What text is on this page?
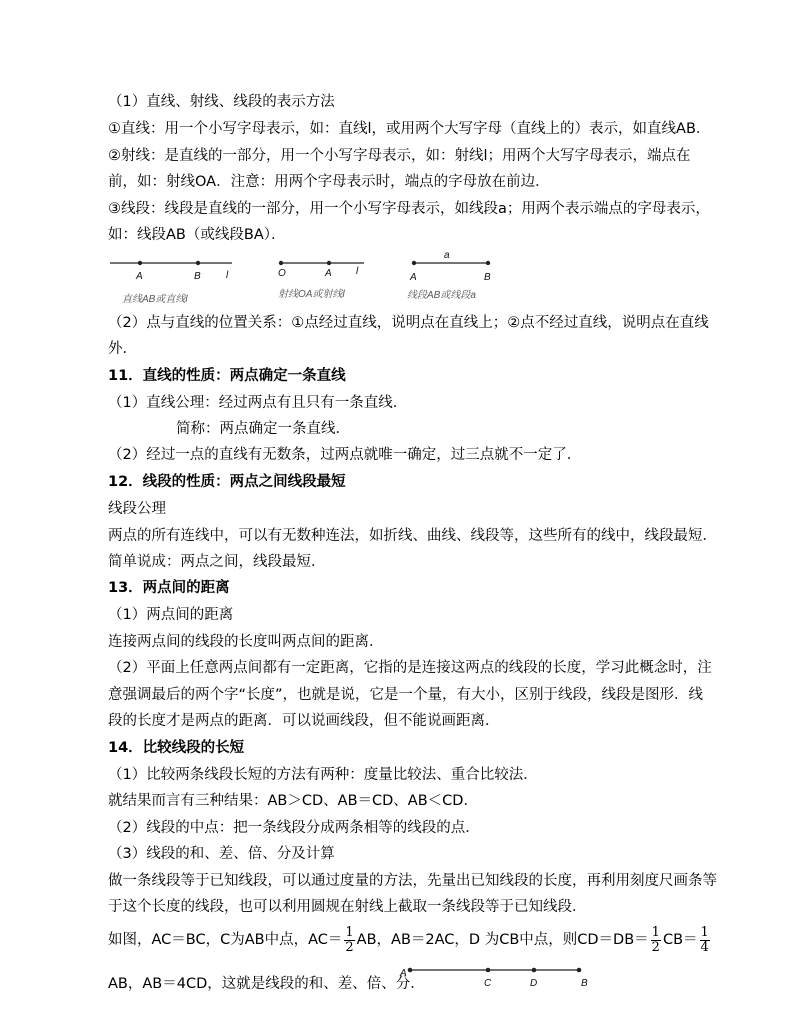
（1）直线、射线、线段的表示方法
①直线：用一个小写字母表示，如：直线l，或用两个大写字母（直线上的）表示，如直线AB．
②射线：是直线的一部分，用一个小写字母表示，如：射线l；用两个大写字母表示，端点在
前，如：射线OA．注意：用两个字母表示时，端点的字母放在前边．
③线段：线段是直线的一部分，用一个小写字母表示，如线段a；用两个表示端点的字母表示，
如：线段AB（或线段BA）．
A	B	l
直线AB或直线l
O	A l
射线OA或射线l
a
A	B
线段AB或线段a
（2）点与直线的位置关系：①点经过直线，说明点在直线上；②点不经过直线，说明点在直线
外．
11．直线的性质：两点确定一条直线
（1）直线公理：经过两点有且只有一条直线．
简称：两点确定一条直线．
（2）经过一点的直线有无数条，过两点就唯一确定，过三点就不一定了．
12．线段的性质：两点之间线段最短
线段公理
两点的所有连线中，可以有无数种连法，如折线、曲线、线段等，这些所有的线中，线段最短．
简单说成：两点之间，线段最短．
13．两点间的距离
（1）两点间的距离
连接两点间的线段的长度叫两点间的距离．
（2）平面上任意两点间都有一定距离，它指的是连接这两点的线段的长度，学习此概念时，注
意强调最后的两个字“长度”，也就是说，它是一个量，有大小，区别于线段，线段是图形．线
段的长度才是两点的距离．可以说画线段，但不能说画距离．
14．比较线段的长短
（1）比较两条线段长短的方法有两种：度量比较法、重合比较法．
就结果而言有三种结果：AB＞CD、AB＝CD、AB＜CD．
（2）线段的中点：把一条线段分成两条相等的线段的点．
（3）线段的和、差、倍、分及计算
做一条线段等于已知线段，可以通过度量的方法，先量出已知线段的长度，再利用刻度尺画条等
于这个长度的线段，也可以利用圆规在射线上截取一条线段等于已知线段．
如图，AC＝BC，C为AB中点，$AC= \frac{1}{2}$ AB，AB＝2AC，D 为CB中点，则$CD=DB= \frac{1}{2} CB= \frac{1}{4}$
AB，AB＝4CD，这就是线段的和、差、倍、分．
A
C	D	B
